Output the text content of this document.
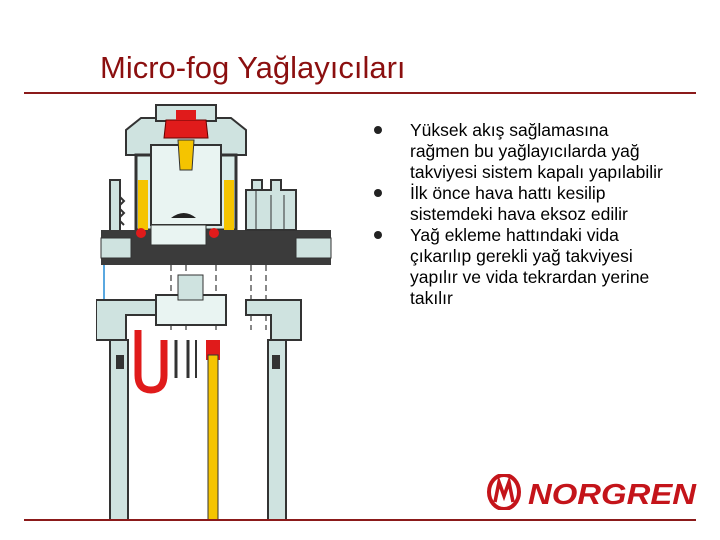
Micro-fog Yağlayıcıları
Yüksek akış sağlamasına rağmen bu yağlayıcılarda yağ takviyesi sistem kapalı yapılabilir
İlk önce hava hattı kesilip sistemdeki hava eksoz edilir
Yağ ekleme hattındaki vida çıkarılıp gerekli yağ takviyesi yapılır ve vida tekrardan yerine takılır
NORGREN
